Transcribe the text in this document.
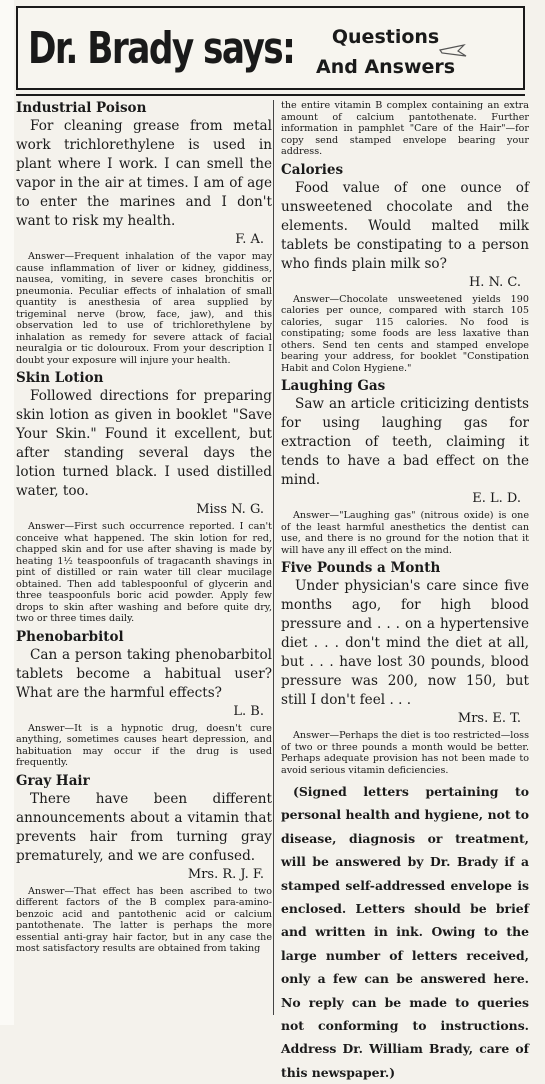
Dr. Brady says:	Questions
And Answers

Industrial Poison

For cleaning grease from metal work trichlorethylene is used in plant where I work. I can smell the vapor in the air at times. I am of age to enter the marines and I don't want to risk my health.

F. A.

Answer—Frequent inhalation of the vapor may cause inflammation of liver or kidney, giddiness, nausea, vomiting, in severe cases bronchitis or pneumonia. Peculiar effects of inhalation of small quantity is anesthesia of area supplied by trigeminal nerve (brow, face, jaw), and this observation led to use of trichlorethylene by inhalation as remedy for severe attack of facial neuralgia or tic dolouroux. From your description I doubt your exposure will injure your health.

Skin Lotion

Followed directions for preparing skin lotion as given in booklet "Save Your Skin." Found it excellent, but after standing several days the lotion turned black. I used distilled water, too.

Miss N. G.

Answer—First such occurrence reported. I can't conceive what happened. The skin lotion for red, chapped skin and for use after shaving is made by heating 1½ teaspoonfuls of tragacanth shavings in pint of distilled or rain water till clear mucilage obtained. Then add tablespoonful of glycerin and three teaspoonfuls boric acid powder. Apply few drops to skin after washing and before quite dry, two or three times daily.

Phenobarbitol

Can a person taking phenobarbitol tablets become a habitual user? What are the harmful effects?

L. B.

Answer—It is a hypnotic drug, doesn't cure anything, sometimes causes heart depression, and habituation may occur if the drug is used frequently.

Gray Hair

There have been different announcements about a vitamin that prevents hair from turning gray prematurely, and we are confused.

Mrs. R. J. F.

Answer—That effect has been ascribed to two different factors of the B complex para-amino-benzoic acid and pantothenic acid or calcium pantothenate. The latter is perhaps the more essential anti-gray hair factor, but in any case the most satisfactory results are obtained from taking

the entire vitamin B complex containing an extra amount of calcium pantothenate. Further information in pamphlet "Care of the Hair"—for copy send stamped envelope bearing your address.

Calories

Food value of one ounce of unsweetened chocolate and the elements. Would malted milk tablets be constipating to a person who finds plain milk so?

H. N. C.

Answer—Chocolate unsweetened yields 190 calories per ounce, compared with starch 105 calories, sugar 115 calories. No food is constipating; some foods are less laxative than others. Send ten cents and stamped envelope bearing your address, for booklet "Constipation Habit and Colon Hygiene."

Laughing Gas

Saw an article criticizing dentists for using laughing gas for extraction of teeth, claiming it tends to have a bad effect on the mind.

E. L. D.

Answer—"Laughing gas" (nitrous oxide) is one of the least harmful anesthetics the dentist can use, and there is no ground for the notion that it will have any ill effect on the mind.

Five Pounds a Month

Under physician's care since five months ago, for high blood pressure and . . . on a hypertensive diet . . . don't mind the diet at all, but . . . have lost 30 pounds, blood pressure was 200, now 150, but still I don't feel . . .

Mrs. E. T.

Answer—Perhaps the diet is too restricted—loss of two or three pounds a month would be better. Perhaps adequate provision has not been made to avoid serious vitamin deficiencies.

(Signed letters pertaining to personal health and hygiene, not to disease, diagnosis or treatment, will be answered by Dr. Brady if a stamped self-addressed envelope is enclosed. Letters should be brief and written in ink. Owing to the large number of letters received, only a few can be answered here. No reply can be made to queries not conforming to instructions. Address Dr. William Brady, care of this newspaper.)
